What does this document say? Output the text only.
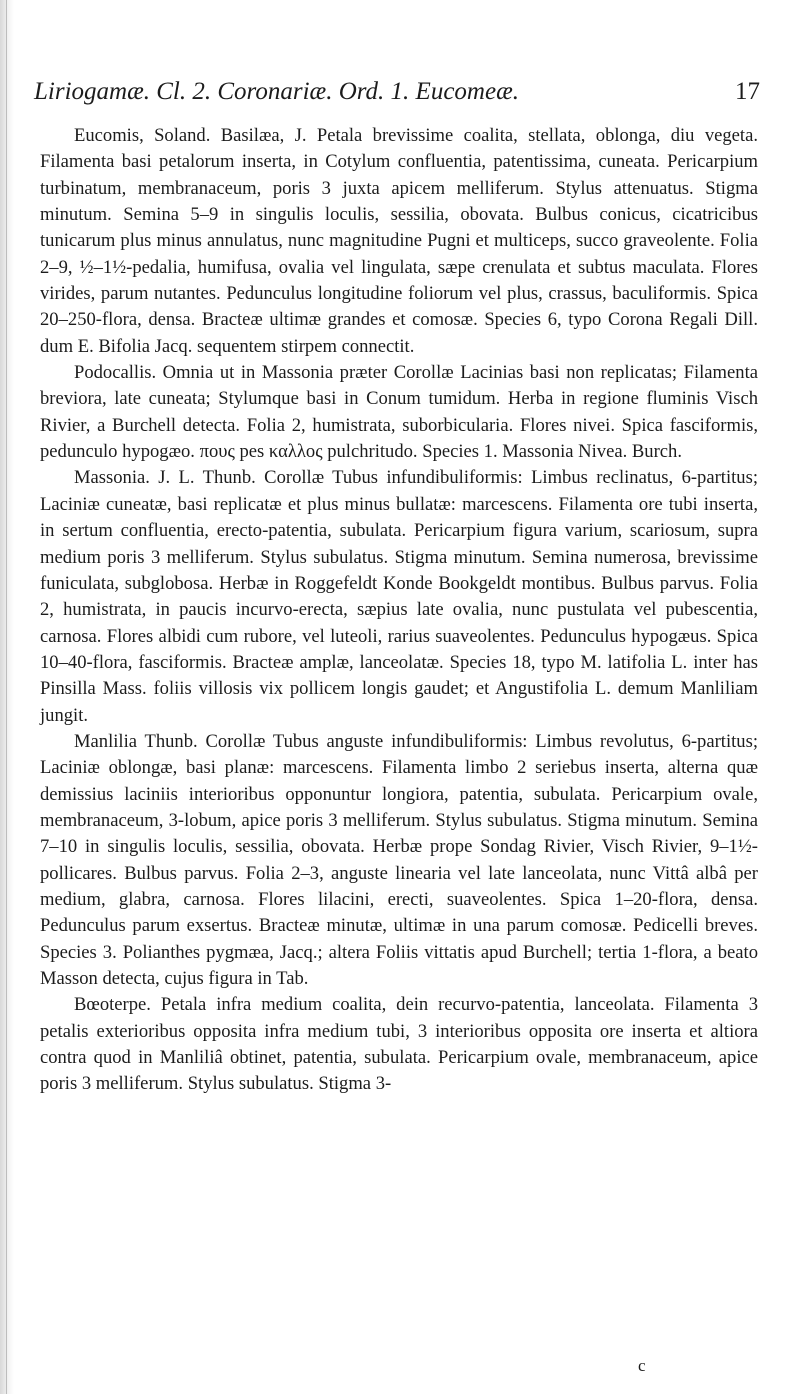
Liriogamæ. Cl. 2. Coronariæ. Ord. 1. Eucomeæ.	17

Eucomis, Soland. Basilæa, J. Petala brevissime coalita, stellata, oblonga, diu vegeta. Filamenta basi petalorum inserta, in Cotylum confluentia, patentissima, cuneata. Pericarpium turbinatum, membranaceum, poris 3 juxta apicem melliferum. Stylus attenuatus. Stigma minutum. Semina 5–9 in singulis loculis, sessilia, obovata. Bulbus conicus, cicatricibus tunicarum plus minus annulatus, nunc magnitudine Pugni et multiceps, succo graveolente. Folia 2–9, ½–1½-pedalia, humifusa, ovalia vel lingulata, sæpe crenulata et subtus maculata. Flores virides, parum nutantes. Pedunculus longitudine foliorum vel plus, crassus, baculiformis. Spica 20–250-flora, densa. Bracteæ ultimæ grandes et comosæ. Species 6, typo Corona Regali Dill. dum E. Bifolia Jacq. sequentem stirpem connectit.

Podocallis. Omnia ut in Massonia præter Corollæ Lacinias basi non replicatas; Filamenta breviora, late cuneata; Stylumque basi in Conum tumidum. Herba in regione fluminis Visch Rivier, a Burchell detecta. Folia 2, humistrata, suborbicularia. Flores nivei. Spica fasciformis, pedunculo hypogæo. πους pes καλλος pulchritudo. Species 1. Massonia Nivea. Burch.

Massonia. J. L. Thunb. Corollæ Tubus infundibuliformis: Limbus reclinatus, 6-partitus; Laciniæ cuneatæ, basi replicatæ et plus minus bullatæ: marcescens. Filamenta ore tubi inserta, in sertum confluentia, erecto-patentia, subulata. Pericarpium figura varium, scariosum, supra medium poris 3 melliferum. Stylus subulatus. Stigma minutum. Semina numerosa, brevissime funiculata, subglobosa. Herbæ in Roggefeldt Konde Bookgeldt montibus. Bulbus parvus. Folia 2, humistrata, in paucis incurvo-erecta, sæpius late ovalia, nunc pustulata vel pubescentia, carnosa. Flores albidi cum rubore, vel luteoli, rarius suaveolentes. Pedunculus hypogæus. Spica 10–40-flora, fasciformis. Bracteæ amplæ, lanceolatæ. Species 18, typo M. latifolia L. inter has Pinsilla Mass. foliis villosis vix pollicem longis gaudet; et Angustifolia L. demum Manliliam jungit.

Manlilia Thunb. Corollæ Tubus anguste infundibuliformis: Limbus revolutus, 6-partitus; Laciniæ oblongæ, basi planæ: marcescens. Filamenta limbo 2 seriebus inserta, alterna quæ demissius laciniis interioribus opponuntur longiora, patentia, subulata. Pericarpium ovale, membranaceum, 3-lobum, apice poris 3 melliferum. Stylus subulatus. Stigma minutum. Semina 7–10 in singulis loculis, sessilia, obovata. Herbæ prope Sondag Rivier, Visch Rivier, 9–1½-pollicares. Bulbus parvus. Folia 2–3, anguste linearia vel late lanceolata, nunc Vittâ albâ per medium, glabra, carnosa. Flores lilacini, erecti, suaveolentes. Spica 1–20-flora, densa. Pedunculus parum exsertus. Bracteæ minutæ, ultimæ in una parum comosæ. Pedicelli breves. Species 3. Polianthes pygmæa, Jacq.; altera Foliis vittatis apud Burchell; tertia 1-flora, a beato Masson detecta, cujus figura in Tab.

Bœoterpe. Petala infra medium coalita, dein recurvo-patentia, lanceolata. Filamenta 3 petalis exterioribus opposita infra medium tubi, 3 interioribus opposita ore inserta et altiora contra quod in Manliliâ obtinet, patentia, subulata. Pericarpium ovale, membranaceum, apice poris 3 melliferum. Stylus subulatus. Stigma 3-

c
